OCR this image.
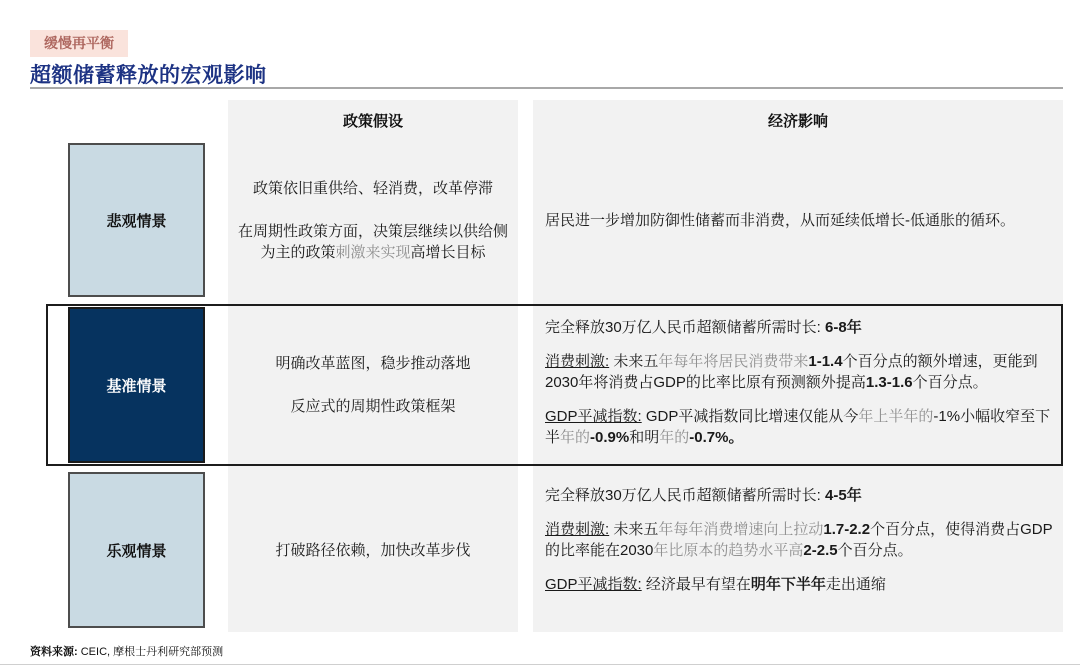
缓慢再平衡
超额储蓄释放的宏观影响
政策假设	经济影响
悲观情景

政策依旧重供给、轻消费，改革停滞

在周期性政策方面，决策层继续以供给侧为主的政策刺激来实现高增长目标

居民进一步增加防御性储蓄而非消费，从而延续低增长-低通胀的循环。

基准情景

明确改革蓝图，稳步推动落地

反应式的周期性政策框架

完全释放30万亿人民币超额储蓄所需时长: 6-8年

消费刺激: 未来五年每年将居民消费带来1-1.4个百分点的额外增速，更能到2030年将消费占GDP的比率比原有预测额外提高1.3-1.6个百分点。

GDP平减指数: GDP平减指数同比增速仅能从今年上半年的-1%小幅收窄至下半年的-0.9%和明年的-0.7%。

乐观情景	打破路径依赖，加快改革步伐

完全释放30万亿人民币超额储蓄所需时长: 4-5年

消费刺激: 未来五年每年消费增速向上拉动1.7-2.2个百分点，使得消费占GDP的比率能在2030年比原本的趋势水平高2-2.5个百分点。

GDP平减指数: 经济最早有望在明年下半年走出通缩

资料来源: CEIC, 摩根士丹利研究部预测
